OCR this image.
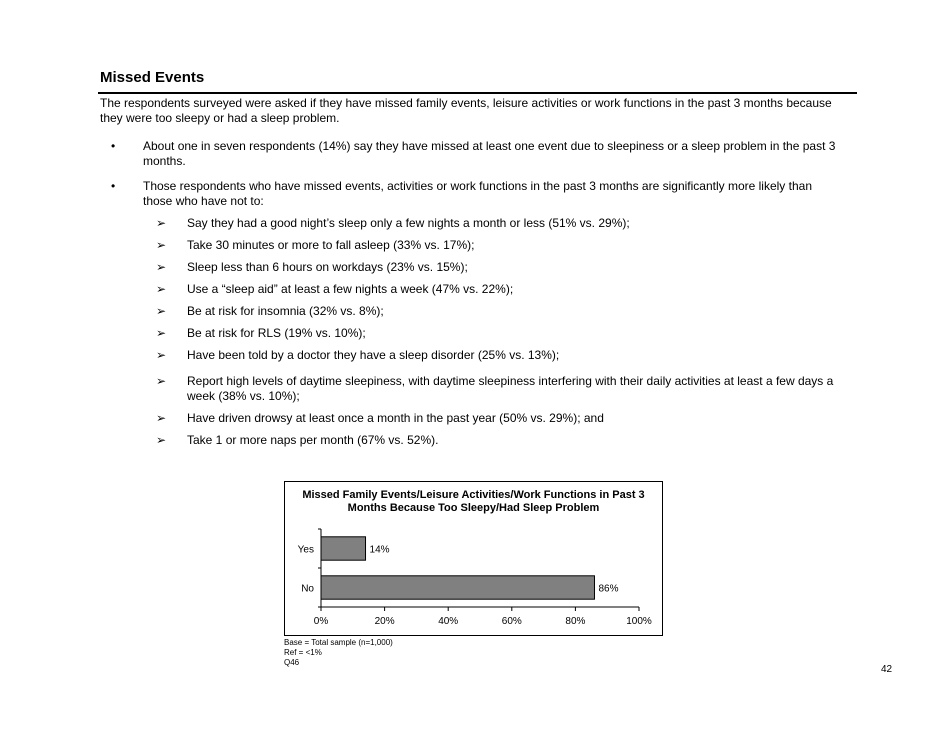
Missed Events
The respondents surveyed were asked if they have missed family events, leisure activities or work functions in the past 3 months because they were too sleepy or had a sleep problem.
• About one in seven respondents (14%) say they have missed at least one event due to sleepiness or a sleep problem in the past 3 months.
• Those respondents who have missed events, activities or work functions in the past 3 months are significantly more likely than those who have not to:
➢ Say they had a good night’s sleep only a few nights a month or less (51% vs. 29%);
➢ Take 30 minutes or more to fall asleep (33% vs. 17%);
➢ Sleep less than 6 hours on workdays (23% vs. 15%);
➢ Use a “sleep aid” at least a few nights a week (47% vs. 22%);
➢ Be at risk for insomnia (32% vs. 8%);
➢ Be at risk for RLS (19% vs. 10%);
➢ Have been told by a doctor they have a sleep disorder (25% vs. 13%);
➢ Report high levels of daytime sleepiness, with daytime sleepiness interfering with their daily activities at least a few days a week (38% vs. 10%);
➢ Have driven drowsy at least once a month in the past year (50% vs. 29%); and
➢ Take 1 or more naps per month (67% vs. 52%).
Missed Family Events/Leisure Activities/Work Functions in Past 3
Months Because Too Sleepy/Had Sleep Problem
0%	20%	40%	60%	80%	100%
Yes	14%
No	86%
Base = Total sample (n=1,000)
Ref = <1%
Q46
42
